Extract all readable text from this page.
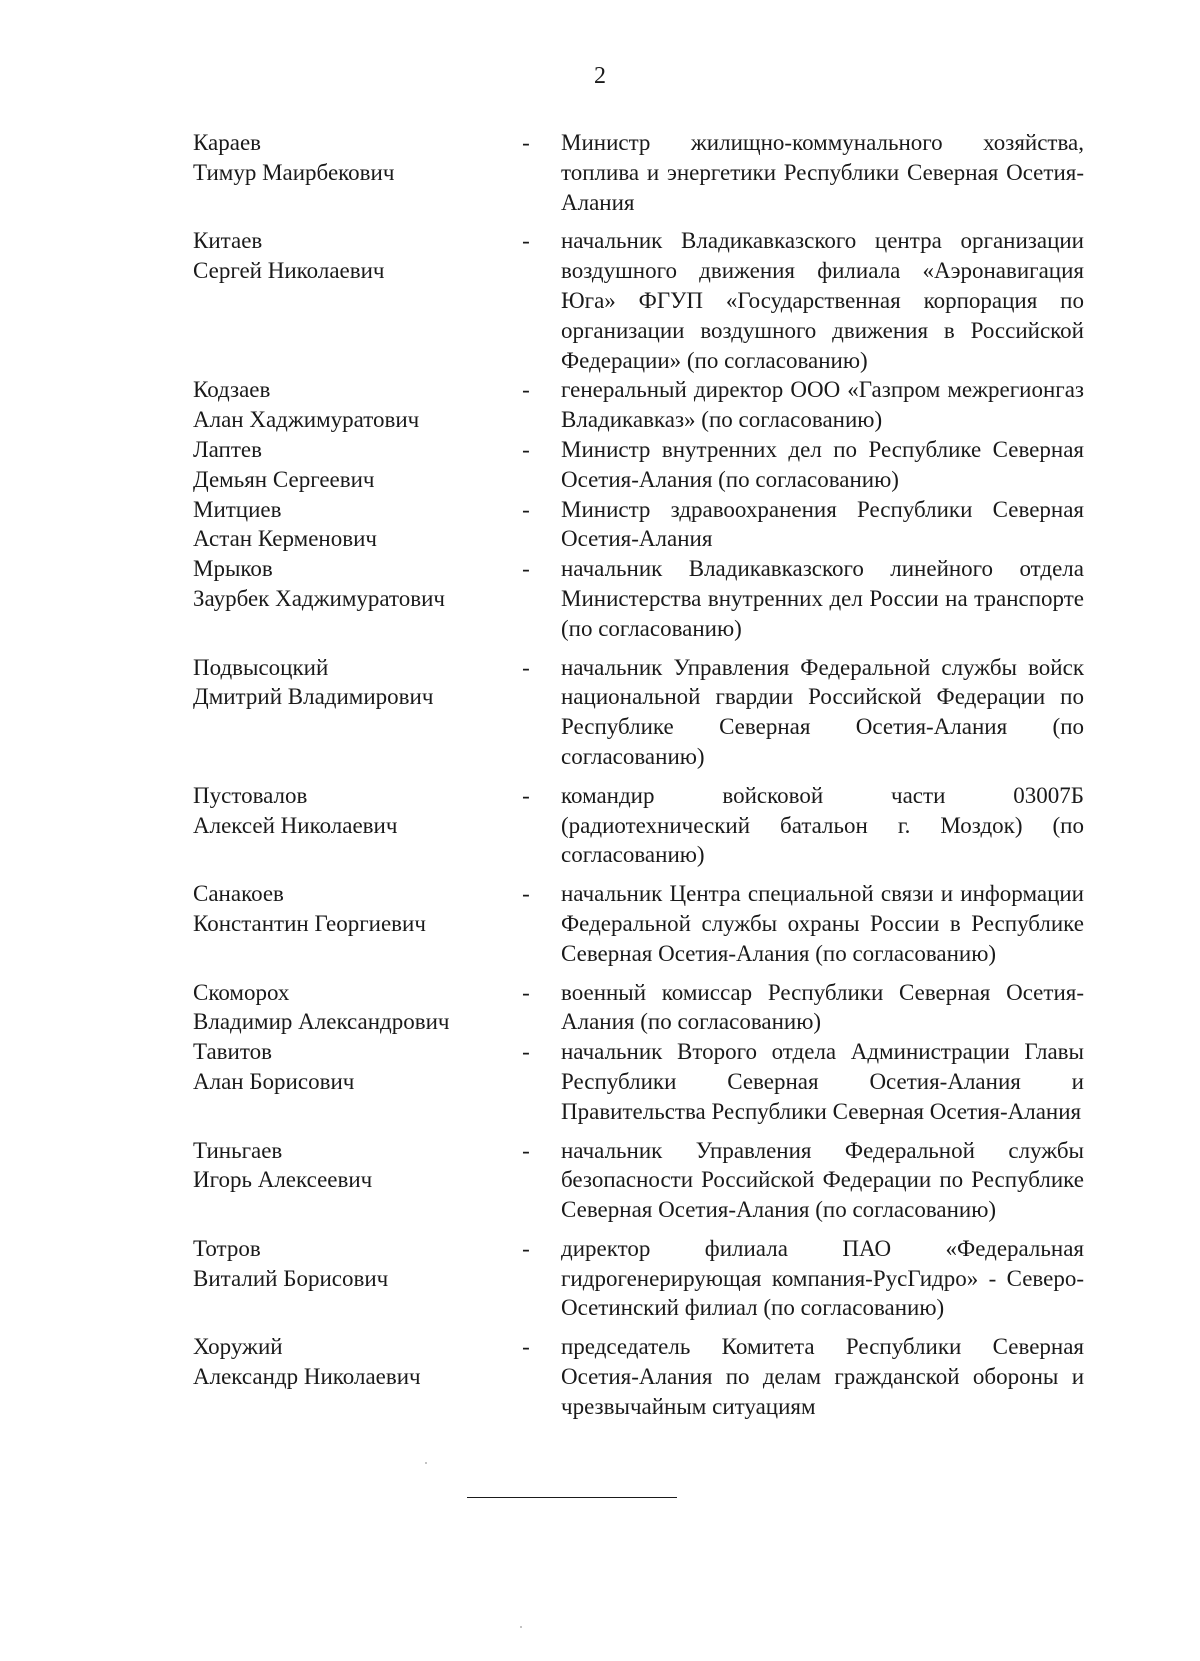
2
Караев
Тимур Маирбекович
- Министр жилищно-коммунального хозяйства, топлива и энергетики Республики Северная Осетия-Алания
Китаев
Сергей Николаевич
- начальник Владикавказского центра организации воздушного движения филиала «Аэронавигация Юга» ФГУП «Государственная корпорация по организации воздушного движения в Российской Федерации» (по согласованию)
Кодзаев
Алан Хаджимуратович
- генеральный директор ООО «Газпром межрегионгаз Владикавказ» (по согласованию)
Лаптев
Демьян Сергеевич
- Министр внутренних дел по Республике Северная Осетия-Алания (по согласованию)
Митциев
Астан Керменович
- Министр здравоохранения Республики Северная Осетия-Алания
Мрыков
Заурбек Хаджимуратович
- начальник Владикавказского линейного отдела Министерства внутренних дел России на транспорте (по согласованию)
Подвысоцкий
Дмитрий Владимирович
- начальник Управления Федеральной службы войск национальной гвардии Российской Федерации по Республике Северная Осетия-Алания (по согласованию)
Пустовалов
Алексей Николаевич
- командир войсковой части 03007Б (радиотехнический батальон г. Моздок) (по согласованию)
Санакоев
Константин Георгиевич
- начальник Центра специальной связи и информации Федеральной службы охраны России в Республике Северная Осетия-Алания (по согласованию)
Скоморох
Владимир Александрович
- военный комиссар Республики Северная Осетия-Алания (по согласованию)
Тавитов
Алан Борисович
- начальник Второго отдела Администрации Главы Республики Северная Осетия-Алания и Правительства Республики Северная Осетия-Алания
Тиньгаев
Игорь Алексеевич
- начальник Управления Федеральной службы безопасности Российской Федерации по Республике Северная Осетия-Алания (по согласованию)
Тотров
Виталий Борисович
- директор филиала ПАО «Федеральная гидрогенерирующая компания-РусГидро» - Северо-Осетинский филиал (по согласованию)
Хоружий
Александр Николаевич
- председатель Комитета Республики Северная Осетия-Алания по делам гражданской обороны и чрезвычайным ситуациям
